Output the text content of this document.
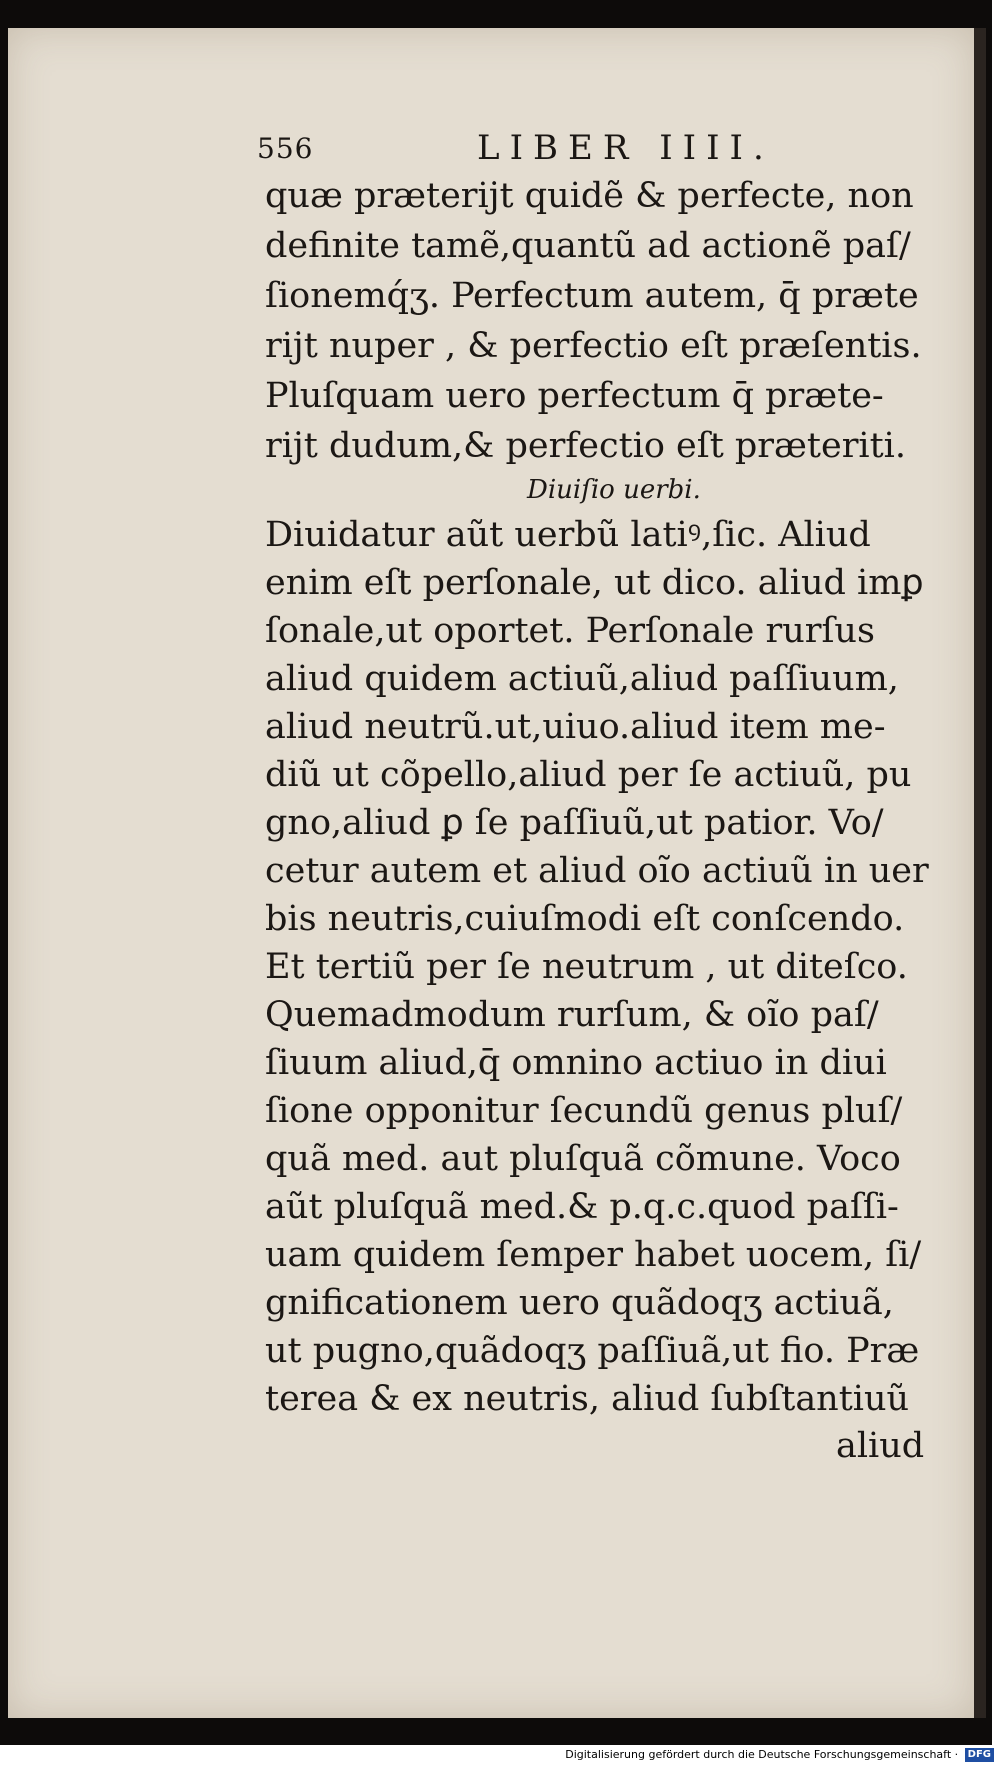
556	LIBER IIII.

quæ præterijt quidẽ & perfecte, non

definite tamẽ,quantũ ad actionẽ paſ/

ſionemq́ʒ. Perfectum autem, q̄ præte

rijt nuper , & perfectio eſt præſentis.

Pluſquam uero perfectum q̄ præte-

rijt dudum,& perfectio eſt præteriti.

Diuiſio uerbi.

Diuidatur aũt uerbũ latiꝰ,ſic. Aliud

enim eſt perſonale, ut dico. aliud imꝑ

ſonale,ut oportet. Perſonale rurſus

aliud quidem actiuũ,aliud paſſiuum,

aliud neutrũ.ut,uiuo.aliud item me-

diũ ut cõpello,aliud per ſe actiuũ, pu

gno,aliud ꝑ ſe paſſiuũ,ut patior. Vo/

cetur autem et aliud oĩo actiuũ in uer

bis neutris,cuiuſmodi eſt conſcendo.

Et tertiũ per ſe neutrum , ut diteſco.

Quemadmodum rurſum, & oĩo paſ/

ſiuum aliud,q̄ omnino actiuo in diui

ſione opponitur ſecundũ genus pluſ/

quã med. aut pluſquã cõmune. Voco

aũt pluſquã med.& p.q.c.quod paſſi-

uam quidem ſemper habet uocem, ſi/

gnificationem uero quãdoqʒ actiuã,

ut pugno,quãdoqʒ paſſiuã,ut fio. Præ

terea & ex neutris, aliud ſubſtantiuũ

aliud
Digitalisierung gefördert durch die Deutsche Forschungsgemeinschaft · DFG
